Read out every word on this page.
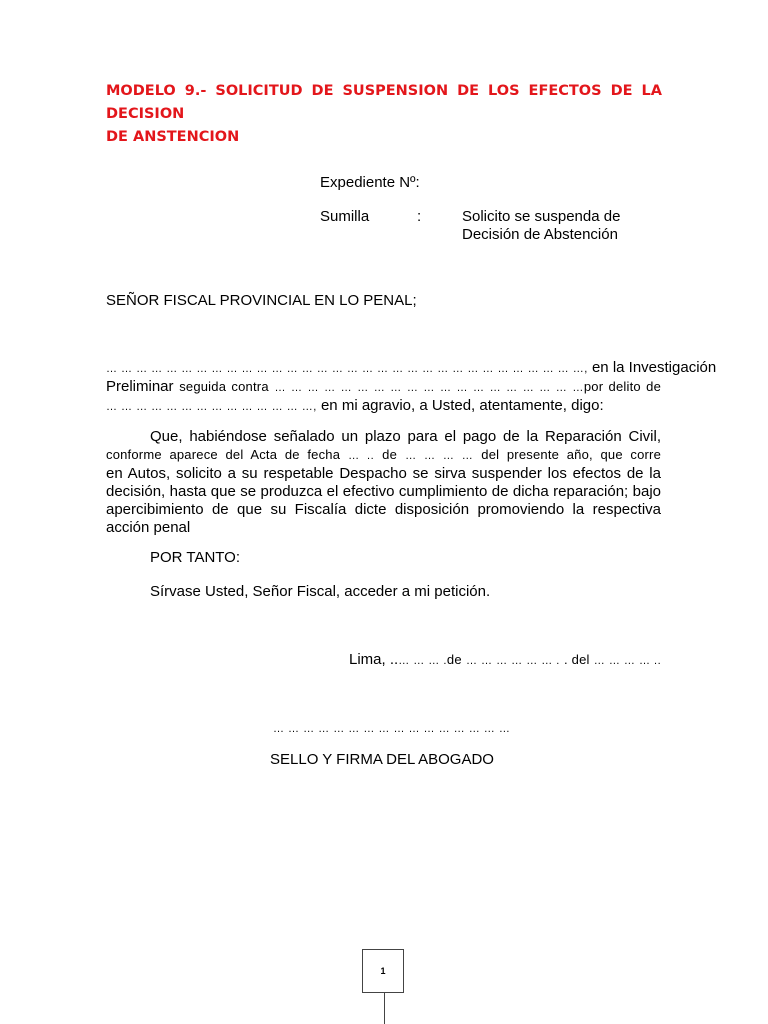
MODELO 9.- SOLICITUD DE SUSPENSION DE LOS EFECTOS DE LA DECISION
DE ANSTENCION
Expediente Nº:
Sumilla	:	Solicito se suspenda de
Decisión de Abstención
SEÑOR FISCAL PROVINCIAL EN LO PENAL;
… … … … … … … … … … … … … … … … … … … … … … … … … … … … … … … …, en la Investigación
Preliminar seguida contra … … … … … … … … … … … … … … … … … … …por delito de
… … … … … … … … … … … … … …, en mi agravio, a Usted, atentamente, digo:
Que, habiéndose señalado un plazo para el pago de la Reparación Civil,
conforme aparece del Acta de fecha … .. de … … … … del presente año, que corre
en Autos, solicito a su respetable Despacho se sirva suspender los efectos de la
decisión, hasta que se produzca el efectivo cumplimiento de dicha reparación; bajo
apercibimiento de que su Fiscalía dicte disposición promoviendo la respectiva
acción penal
POR TANTO:
Sírvase Usted, Señor Fiscal, acceder a mi petición.
Lima, ..… … … .de … … … … … … . . del … … … … ..
… … … … … … … … … … … … … … … …
SELLO Y FIRMA DEL ABOGADO
1
